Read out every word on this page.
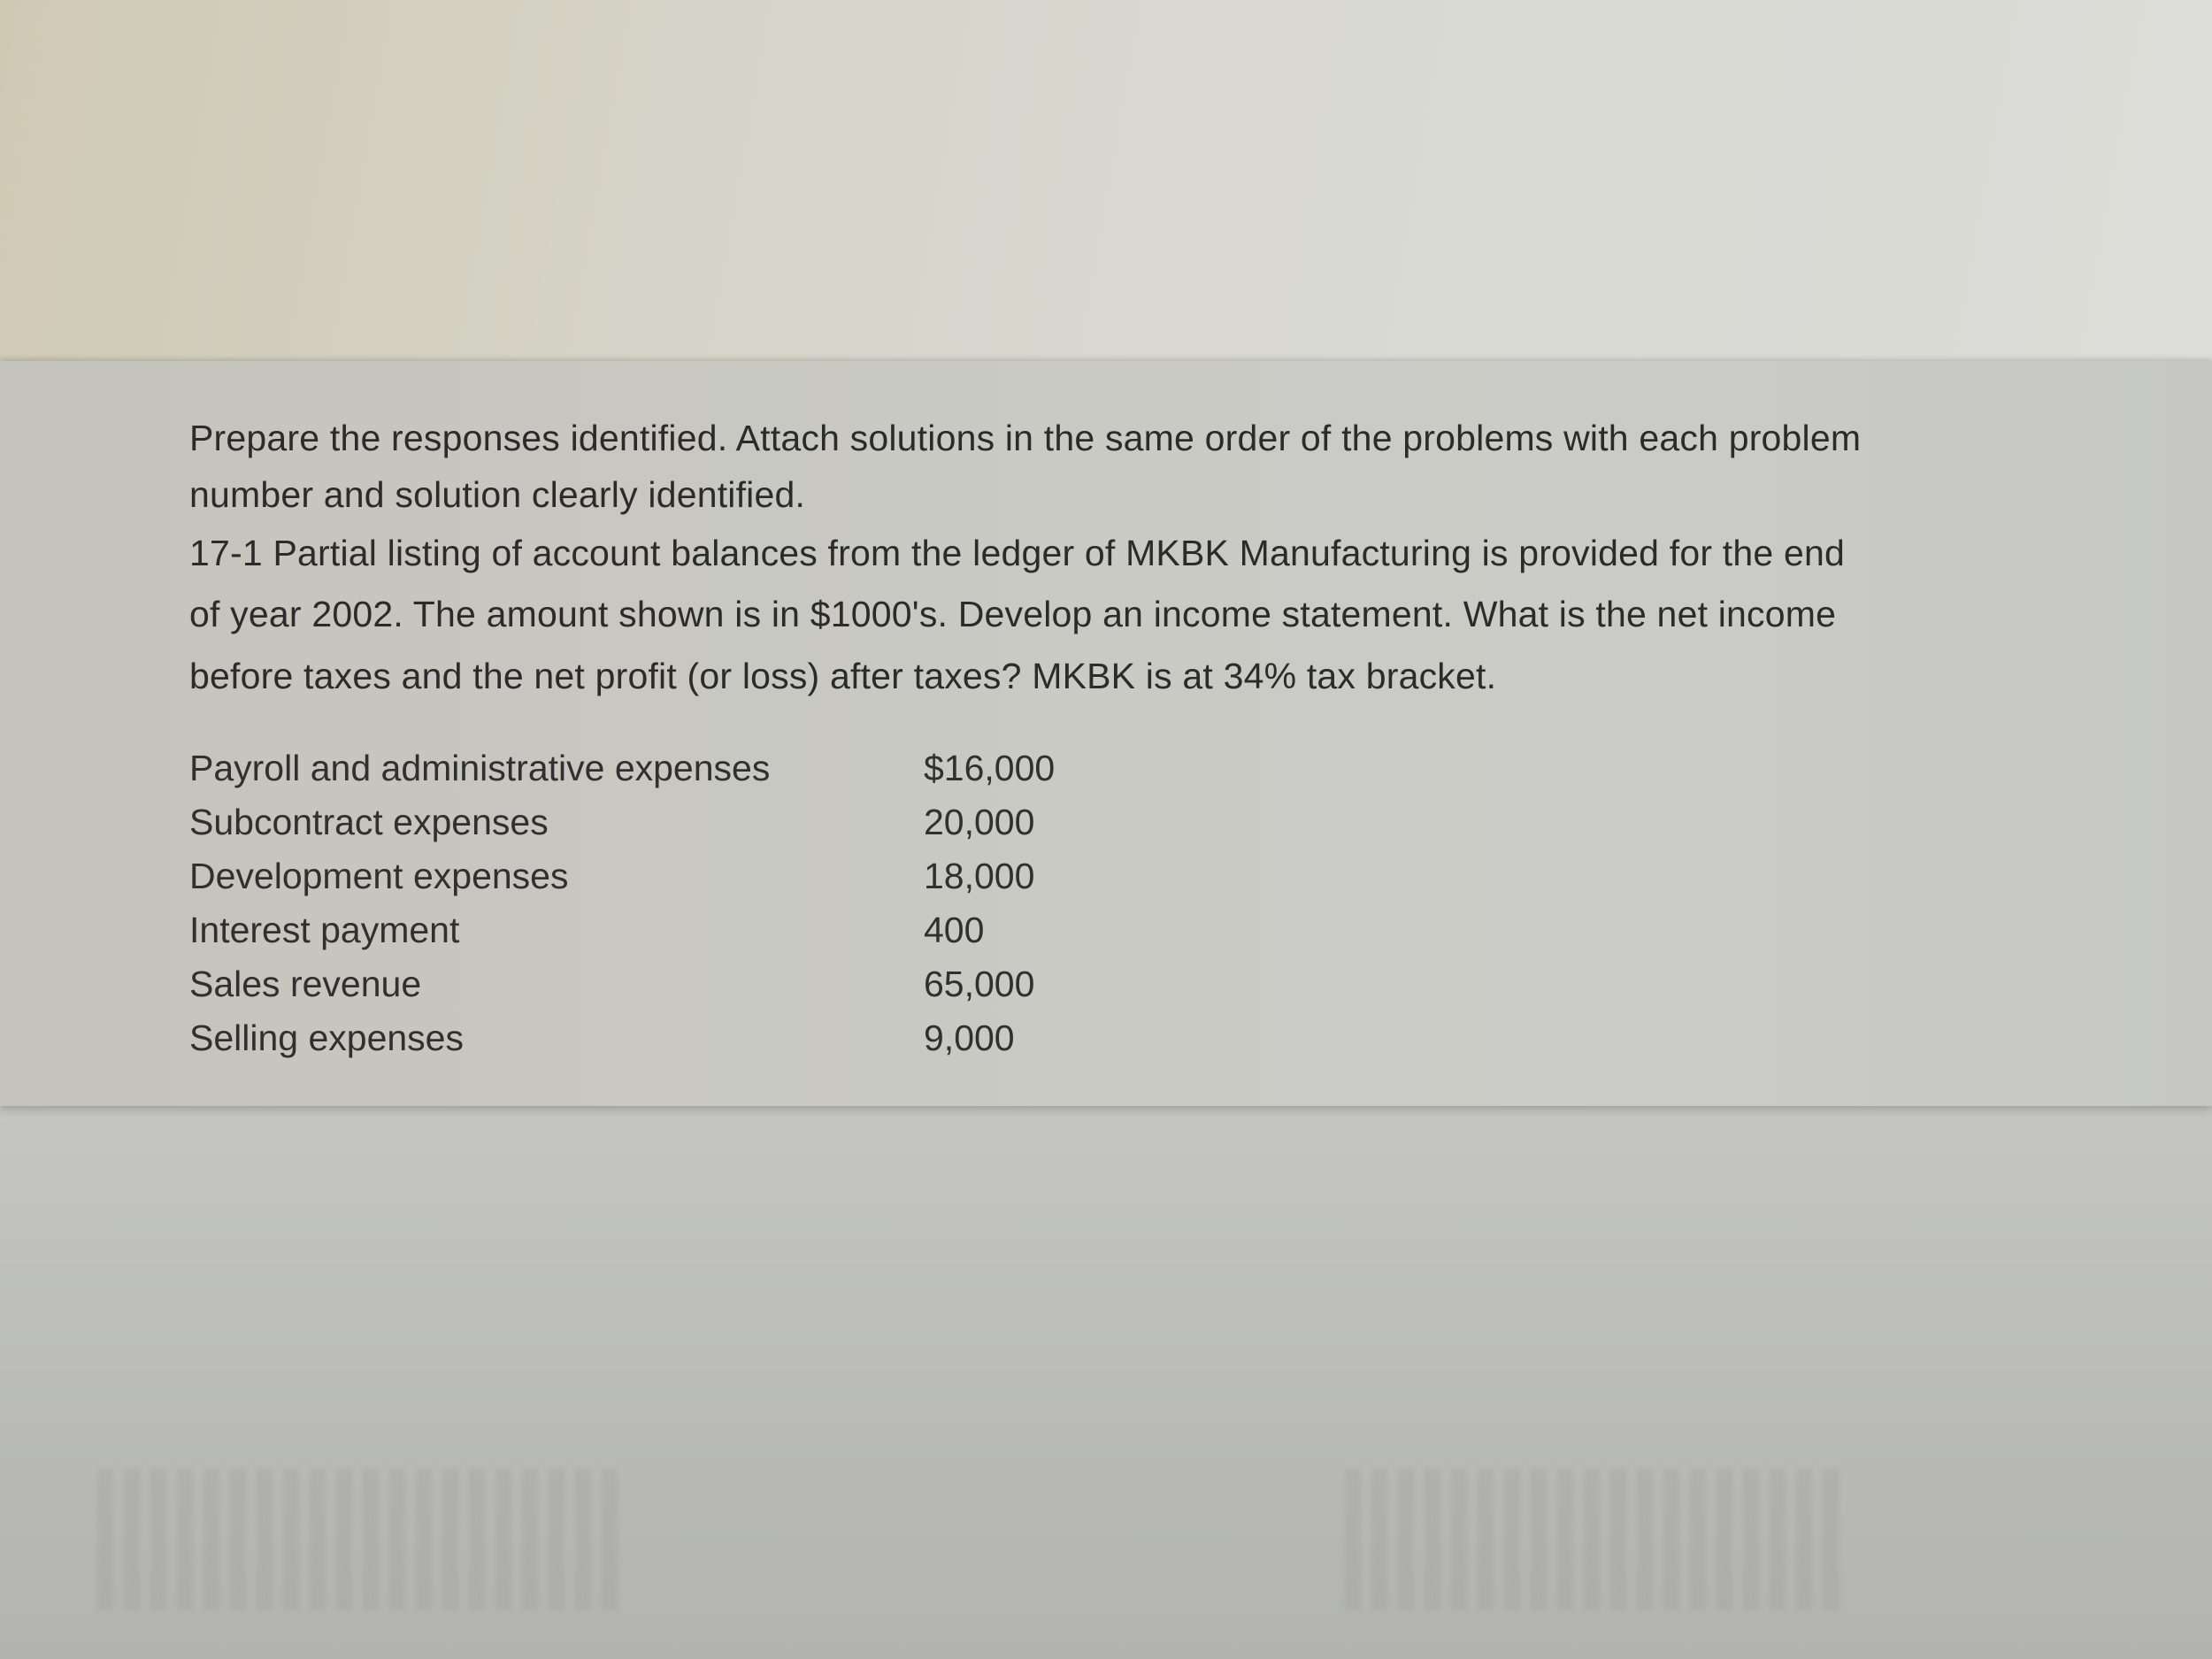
Prepare the responses identified. Attach solutions in the same order of the problems with each problem

number and solution clearly identified.

17-1 Partial listing of account balances from the ledger of MKBK Manufacturing is provided for the end

of year 2002. The amount shown is in $1000's. Develop an income statement. What is the net income

before taxes and the net profit (or loss) after taxes? MKBK is at 34% tax bracket.

Payroll and administrative expenses	$16,000
Subcontract expenses	20,000
Development expenses	18,000
Interest payment	400
Sales revenue	65,000
Selling expenses	9,000
